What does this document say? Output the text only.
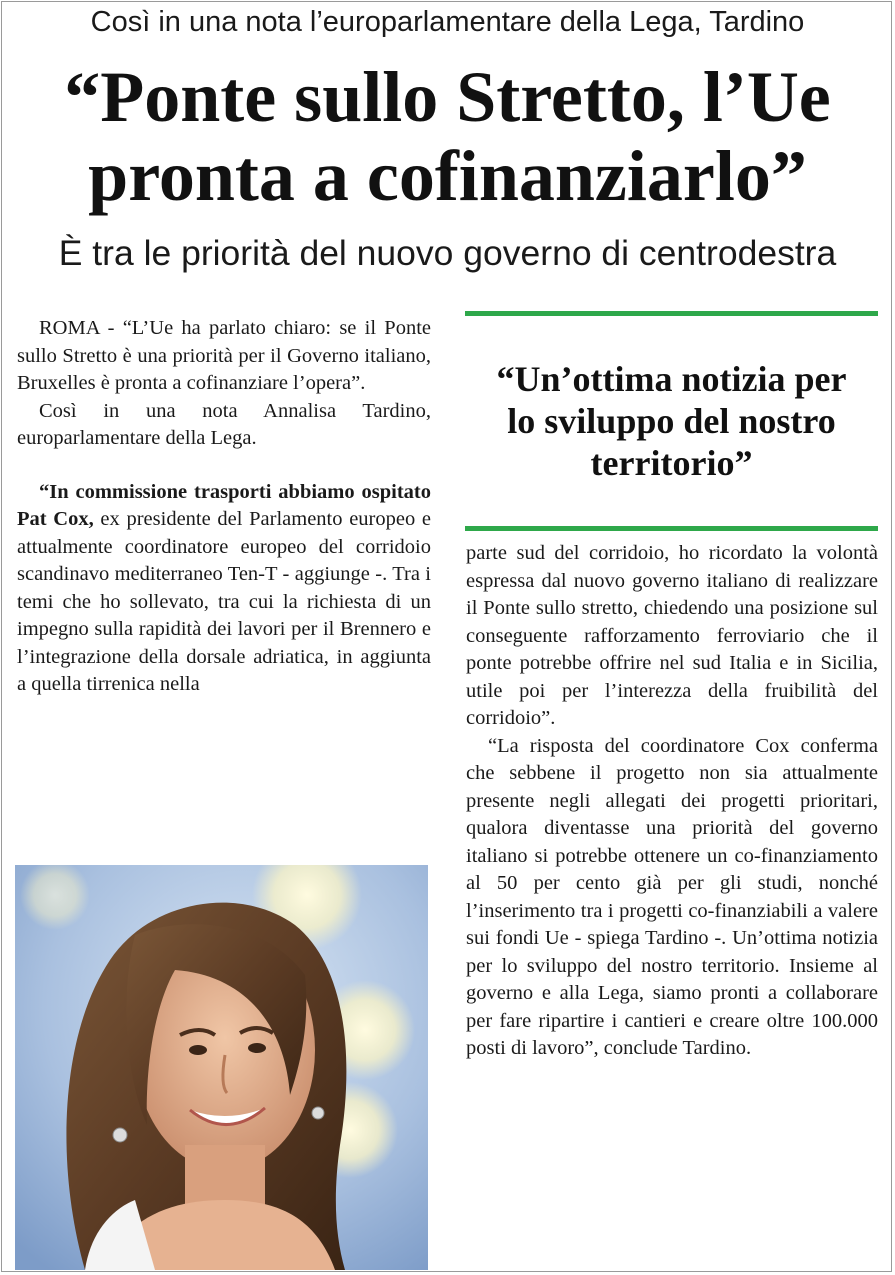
Così in una nota l’europarlamentare della Lega, Tardino
“Ponte sullo Stretto, l’Ue pronta a cofinanziarlo”
È tra le priorità del nuovo governo di centrodestra

ROMA - “L’Ue ha parlato chiaro: se il Ponte sullo Stretto è una priorità per il Governo italiano, Bruxelles è pronta a cofinanziare l’opera”.

Così in una nota Annalisa Tardino, europarlamentare della Lega.

“In commissione trasporti abbiamo ospitato Pat Cox, ex presidente del Parlamento europeo e attualmente coordinatore europeo del corridoio scandinavo mediterraneo Ten-T - aggiunge -. Tra i temi che ho sollevato, tra cui la richiesta di un impegno sulla rapidità dei lavori per il Brennero e l’integrazione della dorsale adriatica, in aggiunta a quella tirrenica nella

“Un’ottima notizia per lo sviluppo del nostro territorio”

parte sud del corridoio, ho ricordato la volontà espressa dal nuovo governo italiano di realizzare il Ponte sullo stretto, chiedendo una posizione sul conseguente rafforzamento ferroviario che il ponte potrebbe offrire nel sud Italia e in Sicilia, utile poi per l’interezza della fruibilità del corridoio”.

“La risposta del coordinatore Cox conferma che sebbene il progetto non sia attualmente presente negli allegati dei progetti prioritari, qualora diventasse una priorità del governo italiano si potrebbe ottenere un co-finanziamento al 50 per cento già per gli studi, nonché l’inserimento tra i progetti co-finanziabili a valere sui fondi Ue - spiega Tardino -. Un’ottima notizia per lo sviluppo del nostro territorio. Insieme al governo e alla Lega, siamo pronti a collaborare per fare ripartire i cantieri e creare oltre 100.000 posti di lavoro”, conclude Tardino.
